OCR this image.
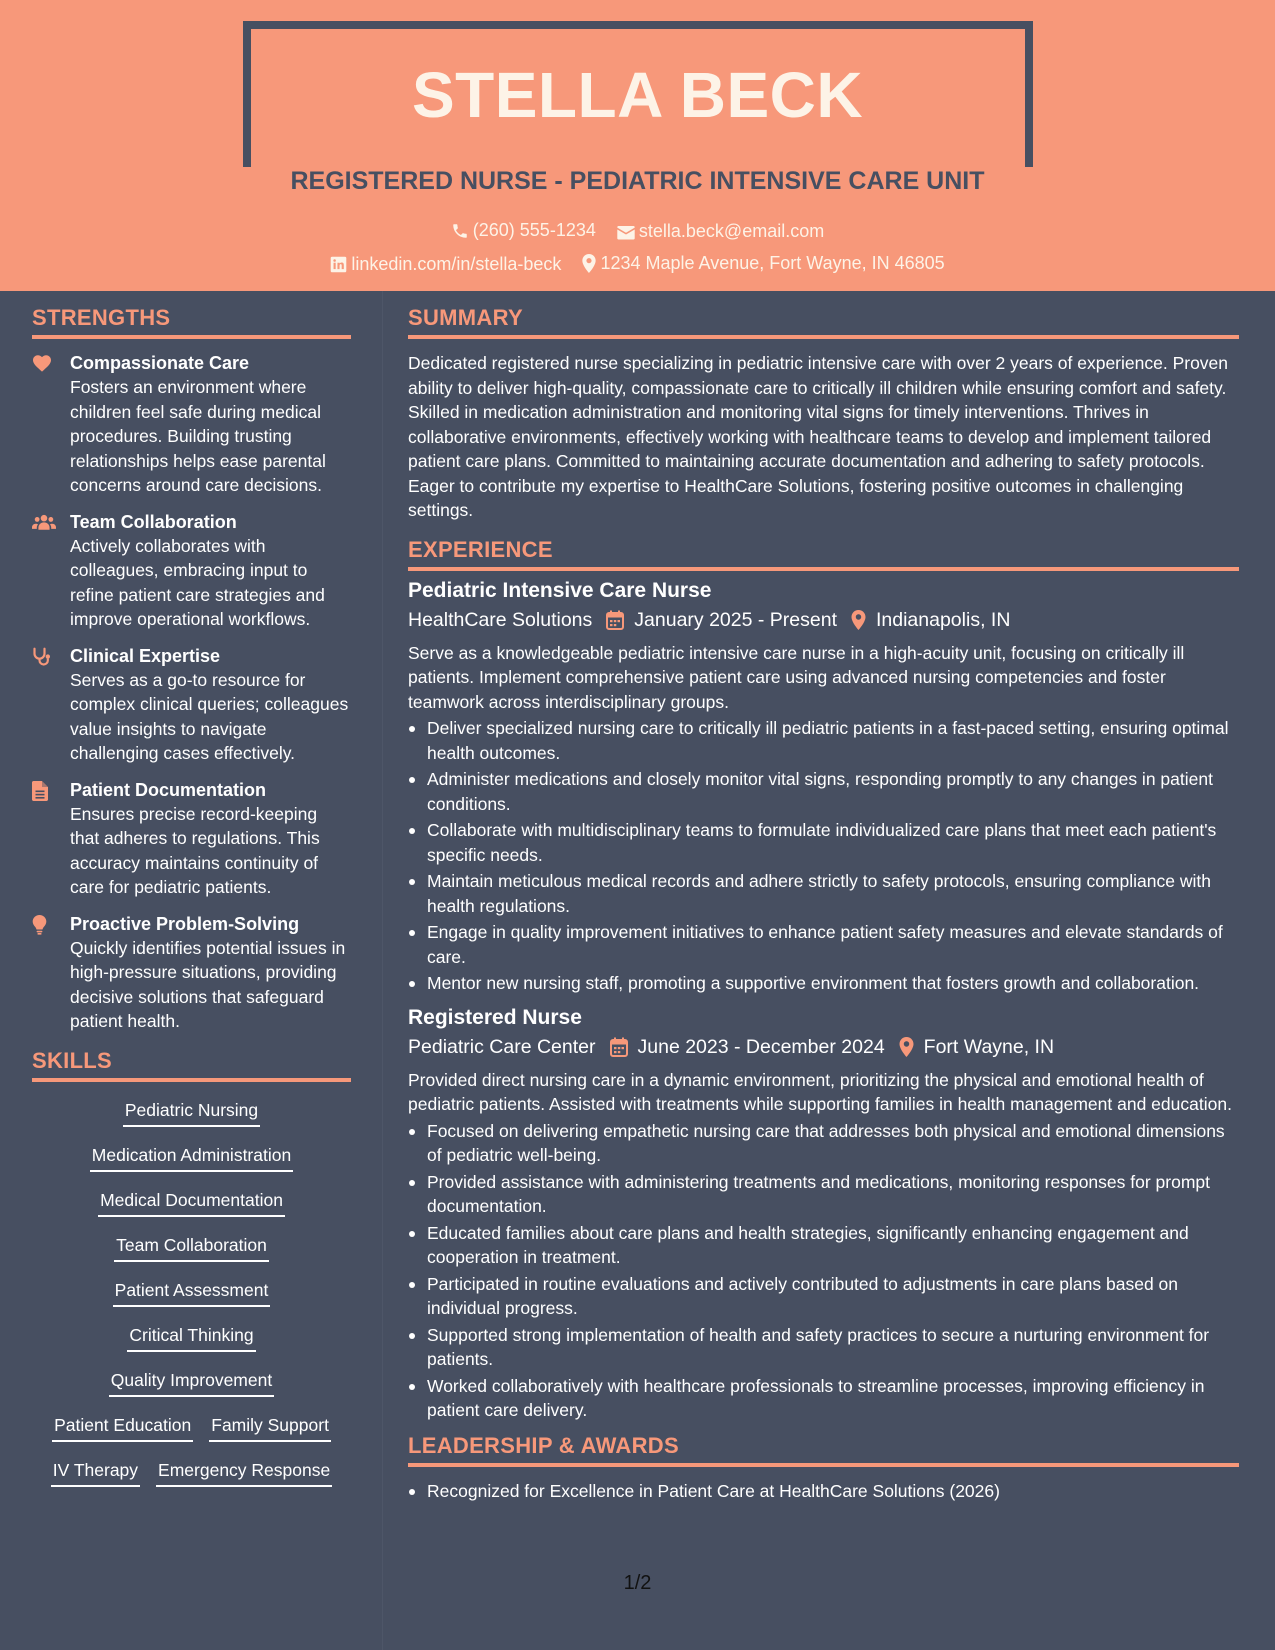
STELLA BECK
REGISTERED NURSE - PEDIATRIC INTENSIVE CARE UNIT
(260) 555-1234
stella.beck@email.com
linkedin.com/in/stella-beck
1234 Maple Avenue, Fort Wayne, IN 46805
STRENGTHS
Compassionate Care
Fosters an environment where children feel safe during medical procedures. Building trusting relationships helps ease parental concerns around care decisions.
Team Collaboration
Actively collaborates with colleagues, embracing input to refine patient care strategies and improve operational workflows.
Clinical Expertise
Serves as a go-to resource for complex clinical queries; colleagues value insights to navigate challenging cases effectively.
Patient Documentation
Ensures precise record-keeping that adheres to regulations. This accuracy maintains continuity of care for pediatric patients.
Proactive Problem-Solving
Quickly identifies potential issues in high-pressure situations, providing decisive solutions that safeguard patient health.
SKILLS
Pediatric Nursing
Medication Administration
Medical Documentation
Team Collaboration
Patient Assessment
Critical Thinking
Quality Improvement
Patient Education Family Support
IV Therapy Emergency Response
SUMMARY
Dedicated registered nurse specializing in pediatric intensive care with over 2 years of experience. Proven ability to deliver high-quality, compassionate care to critically ill children while ensuring comfort and safety. Skilled in medication administration and monitoring vital signs for timely interventions. Thrives in collaborative environments, effectively working with healthcare teams to develop and implement tailored patient care plans. Committed to maintaining accurate documentation and adhering to safety protocols. Eager to contribute my expertise to HealthCare Solutions, fostering positive outcomes in challenging settings.
EXPERIENCE
Pediatric Intensive Care Nurse
HealthCare Solutions January 2025 - Present Indianapolis, IN
Serve as a knowledgeable pediatric intensive care nurse in a high-acuity unit, focusing on critically ill patients. Implement comprehensive patient care using advanced nursing competencies and foster teamwork across interdisciplinary groups.
Deliver specialized nursing care to critically ill pediatric patients in a fast-paced setting, ensuring optimal health outcomes.
Administer medications and closely monitor vital signs, responding promptly to any changes in patient conditions.
Collaborate with multidisciplinary teams to formulate individualized care plans that meet each patient's specific needs.
Maintain meticulous medical records and adhere strictly to safety protocols, ensuring compliance with health regulations.
Engage in quality improvement initiatives to enhance patient safety measures and elevate standards of care.
Mentor new nursing staff, promoting a supportive environment that fosters growth and collaboration.
Registered Nurse
Pediatric Care Center June 2023 - December 2024 Fort Wayne, IN
Provided direct nursing care in a dynamic environment, prioritizing the physical and emotional health of pediatric patients. Assisted with treatments while supporting families in health management and education.
Focused on delivering empathetic nursing care that addresses both physical and emotional dimensions of pediatric well-being.
Provided assistance with administering treatments and medications, monitoring responses for prompt documentation.
Educated families about care plans and health strategies, significantly enhancing engagement and cooperation in treatment.
Participated in routine evaluations and actively contributed to adjustments in care plans based on individual progress.
Supported strong implementation of health and safety practices to secure a nurturing environment for patients.
Worked collaboratively with healthcare professionals to streamline processes, improving efficiency in patient care delivery.
LEADERSHIP & AWARDS
Recognized for Excellence in Patient Care at HealthCare Solutions (2026)
1/2
